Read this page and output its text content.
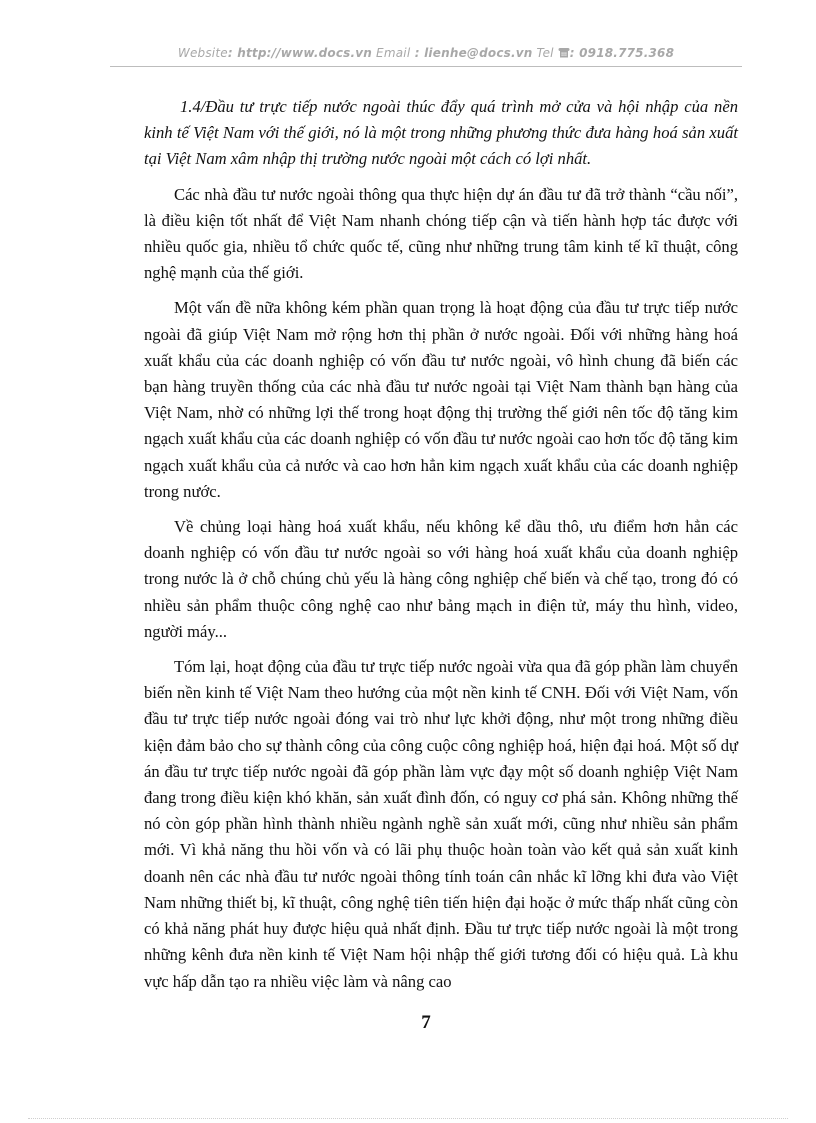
Website: http://www.docs.vn Email : lienhe@docs.vn Tel : 0918.775.368

1.4/Đầu tư trực tiếp nước ngoài thúc đẩy quá trình mở cửa và hội nhập của nền kinh tế Việt Nam với thế giới, nó là một trong những phương thức đưa hàng hoá sản xuất tại Việt Nam xâm nhập thị trường nước ngoài một cách có lợi nhất.

Các nhà đầu tư nước ngoài thông qua thực hiện dự án đầu tư đã trở thành “cầu nối”, là điều kiện tốt nhất để Việt Nam nhanh chóng tiếp cận và tiến hành hợp tác được với nhiều quốc gia, nhiều tổ chức quốc tế, cũng như những trung tâm kinh tế kĩ thuật, công nghệ mạnh của thế giới.

Một vấn đề nữa không kém phần quan trọng là hoạt động của đầu tư trực tiếp nước ngoài đã giúp Việt Nam mở rộng hơn thị phần ở nước ngoài. Đối với những hàng hoá xuất khẩu của các doanh nghiệp có vốn đầu tư nước ngoài, vô hình chung đã biến các bạn hàng truyền thống của các nhà đầu tư nước ngoài tại Việt Nam thành bạn hàng của Việt Nam, nhờ có những lợi thế trong hoạt động thị trường thế giới nên tốc độ tăng kim ngạch xuất khẩu của các doanh nghiệp có vốn đầu tư nước ngoài cao hơn tốc độ tăng kim ngạch xuất khẩu của cả nước và cao hơn hẳn kim ngạch xuất khẩu của các doanh nghiệp trong nước.

Về chủng loại hàng hoá xuất khẩu, nếu không kể dầu thô, ưu điểm hơn hẳn các doanh nghiệp có vốn đầu tư nước ngoài so với hàng hoá xuất khẩu của doanh nghiệp trong nước là ở chỗ chúng chủ yếu là hàng công nghiệp chế biến và chế tạo, trong đó có nhiều sản phẩm thuộc công nghệ cao như bảng mạch in điện tử, máy thu hình, video, người máy...

Tóm lại, hoạt động của đầu tư trực tiếp nước ngoài vừa qua đã góp phần làm chuyển biến nền kinh tế Việt Nam theo hướng của một nền kinh tế CNH. Đối với Việt Nam, vốn đầu tư trực tiếp nước ngoài đóng vai trò như lực khởi động, như một trong những điều kiện đảm bảo cho sự thành công của công cuộc công nghiệp hoá, hiện đại hoá. Một số dự án đầu tư trực tiếp nước ngoài đã góp phần làm vực đạy một số doanh nghiệp Việt Nam đang trong điều kiện khó khăn, sản xuất đình đốn, có nguy cơ phá sản. Không những thế nó còn góp phần hình thành nhiều ngành nghề sản xuất mới, cũng như nhiều sản phẩm mới. Vì khả năng thu hồi vốn và có lãi phụ thuộc hoàn toàn vào kết quả sản xuất kinh doanh nên các nhà đầu tư nước ngoài thông tính toán cân nhắc kĩ lỡng khi đưa vào Việt Nam những thiết bị, kĩ thuật, công nghệ tiên tiến hiện đại hoặc ở mức thấp nhất cũng còn có khả năng phát huy được hiệu quả nhất định. Đầu tư trực tiếp nước ngoài là một trong những kênh đưa nền kinh tế Việt Nam hội nhập thế giới tương đối có hiệu quả. Là khu vực hấp dẫn tạo ra nhiều việc làm và nâng cao

7
